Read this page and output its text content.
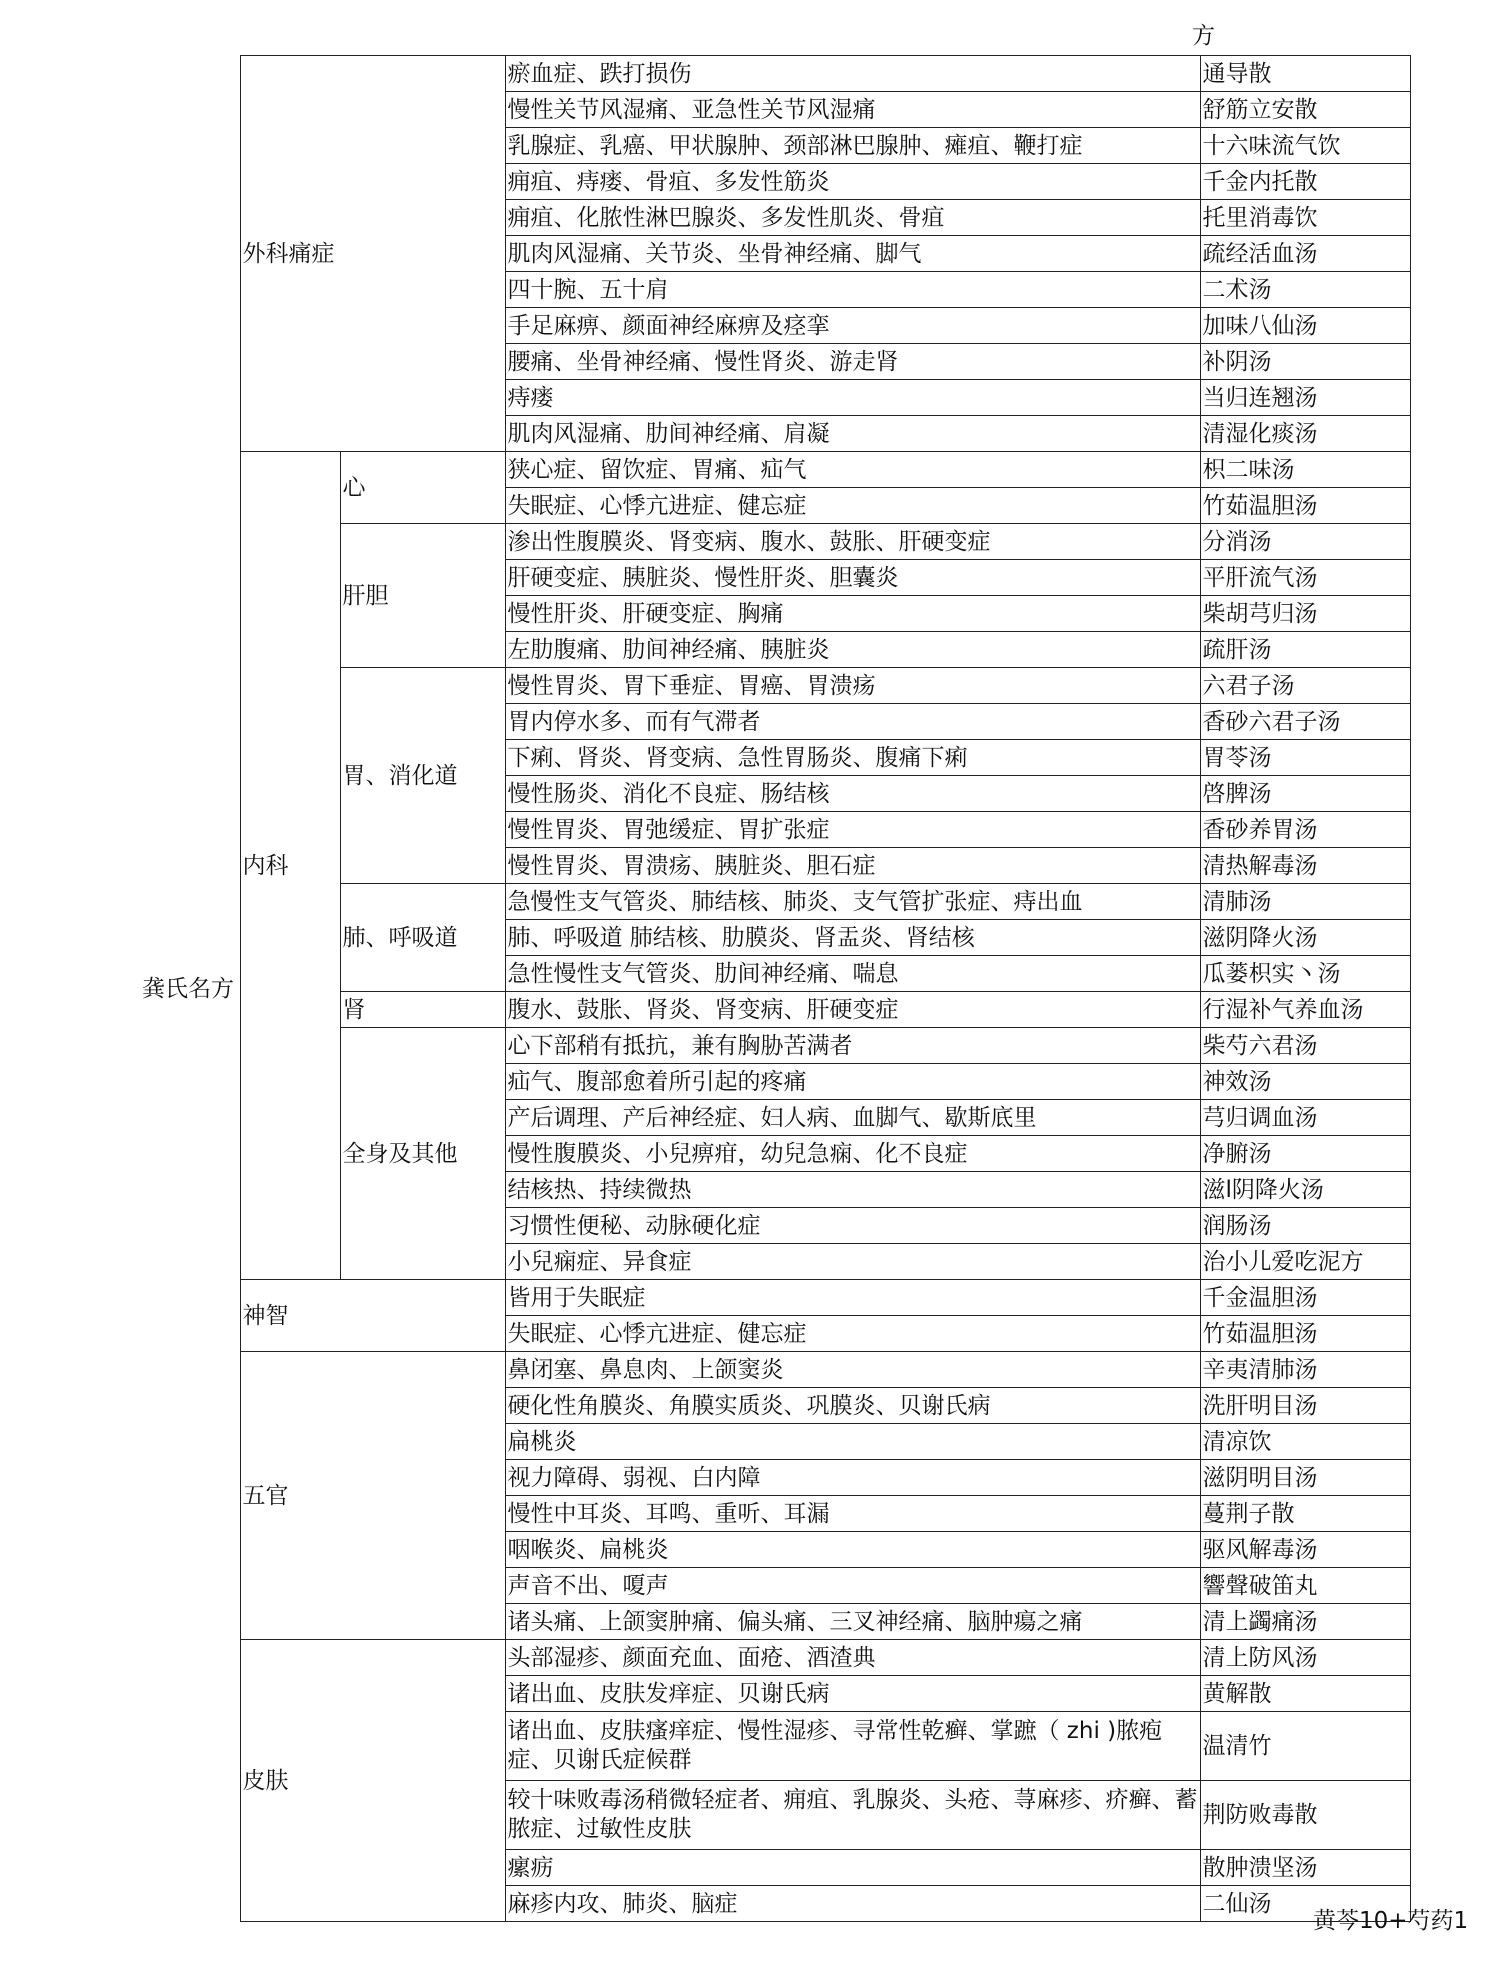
方
龚氏名方	外科痛症		瘀血症、跌打损伤	通导散
			慢性关节风湿痛、亚急性关节风湿痛	舒筋立安散
			乳腺症、乳癌、甲状腺肿、颈部淋巴腺肿、瘫疽、鞭打症	十六味流气饮
			痈疽、痔瘘、骨疽、多发性筋炎	千金内托散
			痈疽、化脓性淋巴腺炎、多发性肌炎、骨疽	托里消毒饮
			肌肉风湿痛、关节炎、坐骨神经痛、脚气	疏经活血汤
			四十腕、五十肩	二术汤
			手足麻痹、颜面神经麻痹及痉挛	加味八仙汤
			腰痛、坐骨神经痛、慢性肾炎、游走肾	补阴汤
			痔瘘	当归连翘汤
			肌肉风湿痛、肋间神经痛、肩凝	清湿化痰汤
	内科	心	狭心症、留饮症、胃痛、疝气	枳二味汤
			失眠症、心悸亢进症、健忘症	竹茹温胆汤
		肝胆	渗出性腹膜炎、肾变病、腹水、鼓胀、肝硬变症	分消汤
			肝硬变症、胰脏炎、慢性肝炎、胆囊炎	平肝流气汤
			慢性肝炎、肝硬变症、胸痛	柴胡芎归汤
			左肋腹痛、肋间神经痛、胰脏炎	疏肝汤
		胃、消化道	慢性胃炎、胃下垂症、胃癌、胃溃疡	六君子汤
			胃内停水多、而有气滞者	香砂六君子汤
			下痢、肾炎、肾变病、急性胃肠炎、腹痛下痢	胃苓汤
			慢性肠炎、消化不良症、肠结核	啓脾汤
			慢性胃炎、胃弛缓症、胃扩张症	香砂养胃汤
			慢性胃炎、胃溃疡、胰脏炎、胆石症	清热解毒汤
		肺、呼吸道	急慢性支气管炎、肺结核、肺炎、支气管扩张症、痔出血	清肺汤
			肺、呼吸道 肺结核、肋膜炎、肾盂炎、肾结核	滋阴降火汤
			急性慢性支气管炎、肋间神经痛、喘息	瓜蒌枳实丶汤
		肾	腹水、鼓胀、肾炎、肾变病、肝硬变症	行湿补气养血汤
		全身及其他	心下部稍有抵抗，兼有胸胁苦满者	柴芍六君汤
			疝气、腹部愈着所引起的疼痛	神效汤
			产后调理、产后神经症、妇人病、血脚气、歇斯底里	芎归调血汤
			慢性腹膜炎、小兒痹疳，幼兒急痫、化不良症	净腑汤
			结核热、持续微热	滋l阴降火汤
			习惯性便秘、动脉硬化症	润肠汤
			小兒痫症、异食症	治小儿爱吃泥方
	神智		皆用于失眠症	千金温胆汤
			失眠症、心悸亢进症、健忘症	竹茹温胆汤
	五官		鼻闭塞、鼻息肉、上颌窦炎	辛夷清肺汤
			硬化性角膜炎、角膜实质炎、巩膜炎、贝谢氏病	洗肝明目汤
			扁桃炎	清凉饮
			视力障碍、弱视、白内障	滋阴明目汤
			慢性中耳炎、耳鸣、重听、耳漏	蔓荆子散
			咽喉炎、扁桃炎	驱风解毒汤
			声音不出、嗄声	響聲破笛丸
			诸头痛、上颌窦肿痛、偏头痛、三叉神经痛、脑肿瘍之痛	清上蠲痛汤
	皮肤		头部湿疹、颜面充血、面疮、酒渣典	清上防风汤
			诸出血、皮肤发痒症、贝谢氏病	黄解散
			诸出血、皮肤瘙痒症、慢性湿疹、寻常性乾癣、掌蹠（ zhi )脓疱症、贝谢氏症候群	温清竹
			较十味败毒汤稍微轻症者、痈疽、乳腺炎、头疮、荨麻疹、疥癣、蓄脓症、过敏性皮肤	荆防败毒散
			瘰疬	散肿溃坚汤
			麻疹内攻、肺炎、脑症	二仙汤
黄芩10+芍药1
